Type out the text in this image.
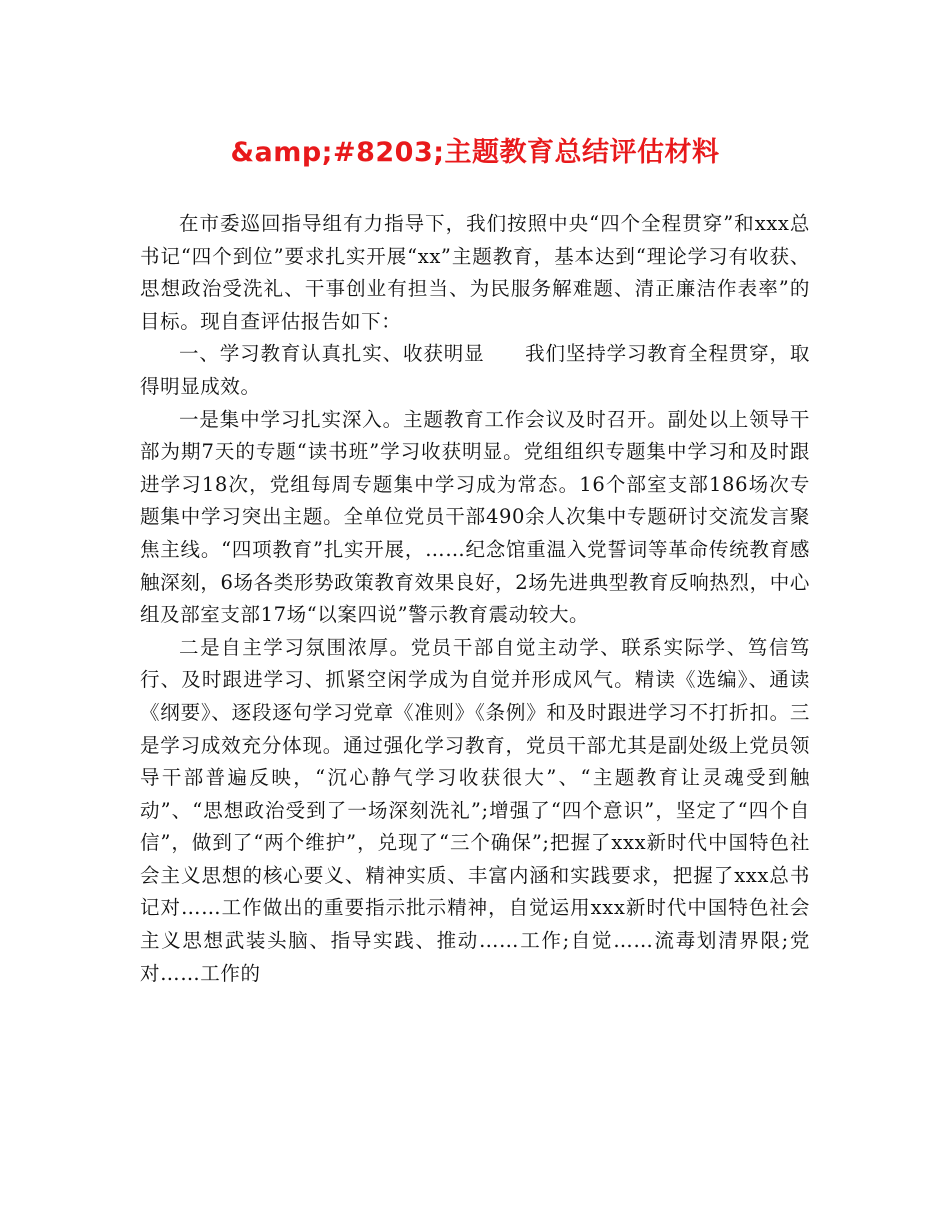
&amp;#8203;主题教育总结评估材料

在市委巡回指导组有力指导下，我们按照中央“四个全程贯穿”和xxx总书记“四个到位”要求扎实开展“xx”主题教育，基本达到“理论学习有收获、思想政治受洗礼、干事创业有担当、为民服务解难题、清正廉洁作表率”的目标。现自查评估报告如下：

一、学习教育认真扎实、收获明显　　我们坚持学习教育全程贯穿，取得明显成效。

一是集中学习扎实深入。主题教育工作会议及时召开。副处以上领导干部为期7天的专题“读书班”学习收获明显。党组组织专题集中学习和及时跟进学习18次，党组每周专题集中学习成为常态。16个部室支部186场次专题集中学习突出主题。全单位党员干部490余人次集中专题研讨交流发言聚焦主线。“四项教育”扎实开展，……纪念馆重温入党誓词等革命传统教育感触深刻，6场各类形势政策教育效果良好，2场先进典型教育反响热烈，中心组及部室支部17场“以案四说”警示教育震动较大。

二是自主学习氛围浓厚。党员干部自觉主动学、联系实际学、笃信笃行、及时跟进学习、抓紧空闲学成为自觉并形成风气。精读《选编》、通读《纲要》、逐段逐句学习党章《准则》《条例》和及时跟进学习不打折扣。三是学习成效充分体现。通过强化学习教育，党员干部尤其是副处级上党员领导干部普遍反映，“沉心静气学习收获很大”、“主题教育让灵魂受到触动”、“思想政治受到了一场深刻洗礼”;增强了“四个意识”，坚定了“四个自信”，做到了“两个维护”，兑现了“三个确保”;把握了xxx新时代中国特色社会主义思想的核心要义、精神实质、丰富内涵和实践要求，把握了xxx总书记对……工作做出的重要指示批示精神，自觉运用xxx新时代中国特色社会主义思想武装头脑、指导实践、推动……工作;自觉……流毒划清界限;党对……工作的
